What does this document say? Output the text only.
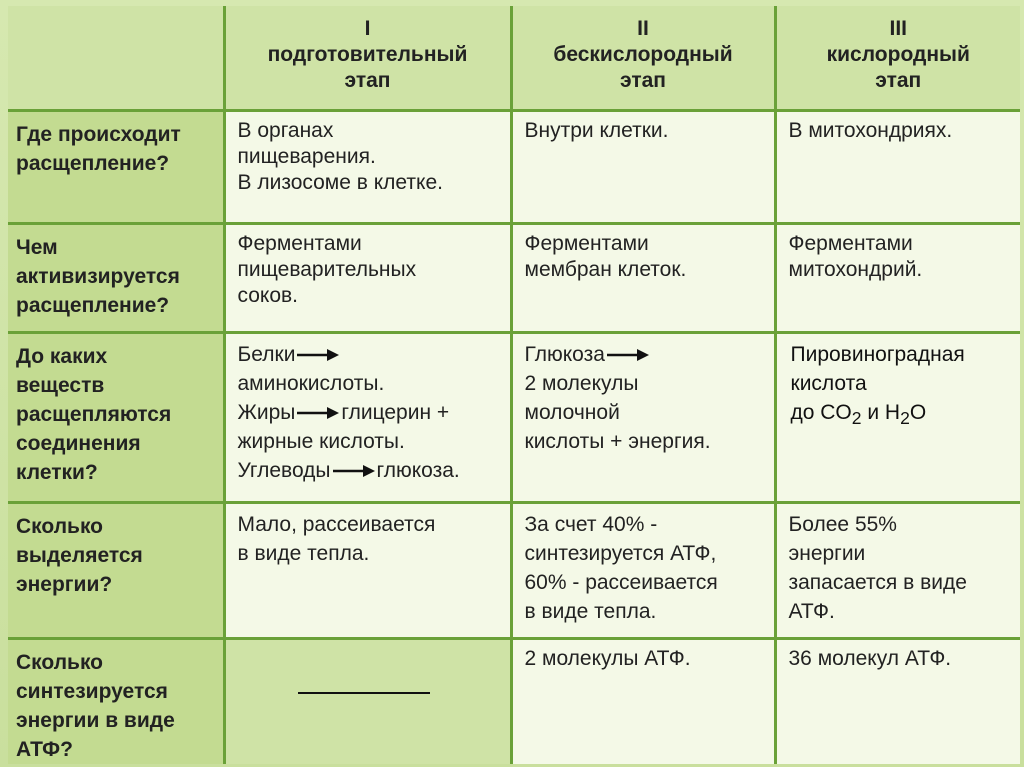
	I
подготовительный
этап	II
бескислородный
этап	III
кислородный
этап

Где происходит
расщепление?	В органах
пищеварения.
В лизосоме в клетке.	Внутри клетки.	В митохондриях.

Чем
активизируется
расщепление?	Ферментами
пищеварительных
соков.	Ферментами
мембран клеток.	Ферментами
митохондрий.

До каких
веществ
расщепляются
соединения
клетки?	Белки
аминокислоты.
Жиры глицерин +
жирные кислоты.
Углеводы глюкоза.	Глюкоза
2 молекулы
молочной
кислоты + энергия.	Пировиноградная
кислота
до $CO_2$ и $H_2O$

Сколько
выделяется
энергии?	Мало, рассеивается
в виде тепла.	За счет 40% -
синтезируется АТФ,
60% - рассеивается
в виде тепла.	Более 55%
энергии
запасается в виде
АТФ.

Сколько
синтезируется
энергии в виде
АТФ?		2 молекулы АТФ.	36 молекул АТФ.
